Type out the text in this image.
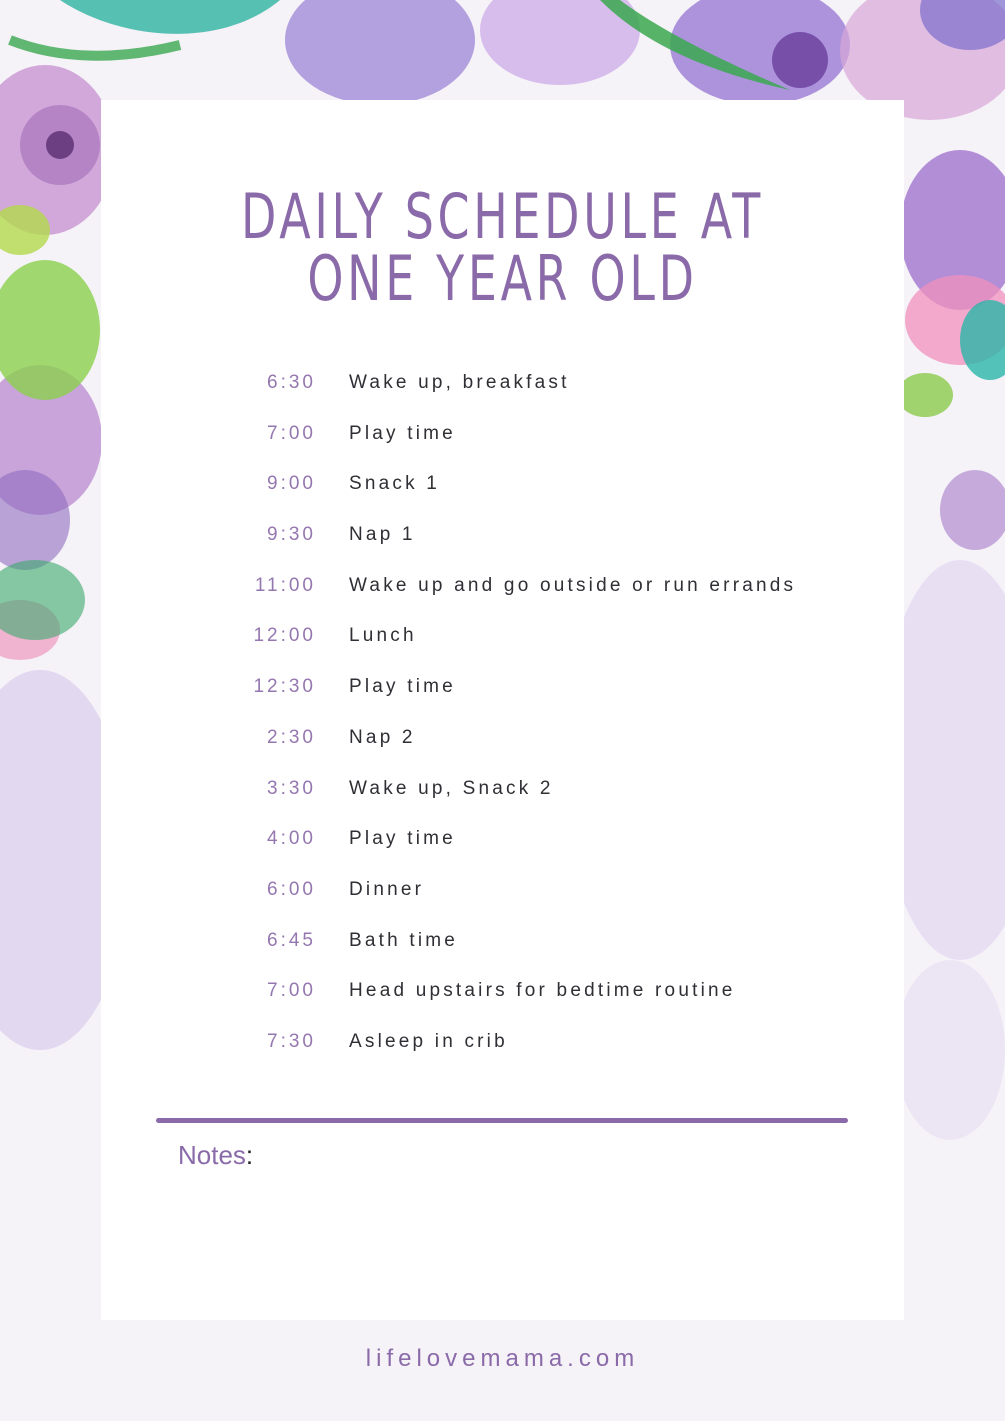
DAILY SCHEDULE AT
ONE YEAR OLD
6:30 Wake up, breakfast
7:00 Play time
9:00 Snack 1
9:30 Nap 1
11:00 Wake up and go outside or run errands
12:00 Lunch
12:30 Play time
2:30 Nap 2
3:30 Wake up, Snack 2
4:00 Play time
6:00 Dinner
6:45 Bath time
7:00 Head upstairs for bedtime routine
7:30 Asleep in crib
Notes:
lifelovemama.com
